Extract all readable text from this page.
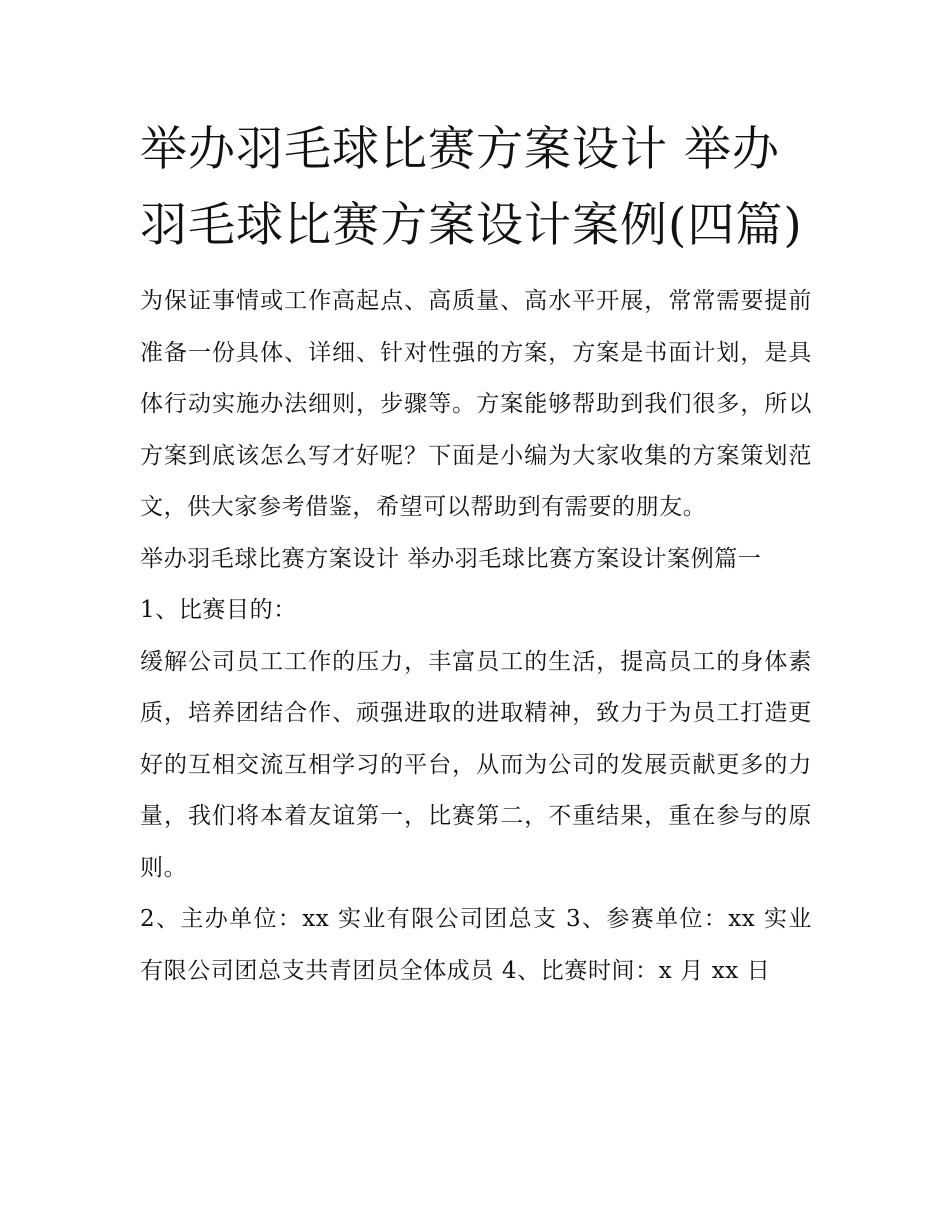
举办羽毛球比赛方案设计 举办羽毛球比赛方案设计案例(四篇)

为保证事情或工作高起点、高质量、高水平开展，常常需要提前准备一份具体、详细、针对性强的方案，方案是书面计划，是具体行动实施办法细则，步骤等。方案能够帮助到我们很多，所以方案到底该怎么写才好呢？下面是小编为大家收集的方案策划范文，供大家参考借鉴，希望可以帮助到有需要的朋友。

举办羽毛球比赛方案设计 举办羽毛球比赛方案设计案例篇一

1、比赛目的：

缓解公司员工工作的压力，丰富员工的生活，提高员工的身体素质，培养团结合作、顽强进取的进取精神，致力于为员工打造更好的互相交流互相学习的平台，从而为公司的发展贡献更多的力量，我们将本着友谊第一，比赛第二，不重结果，重在参与的原则。

2、主办单位：xx 实业有限公司团总支 3、参赛单位：xx 实业有限公司团总支共青团员全体成员 4、比赛时间：x 月 xx 日
